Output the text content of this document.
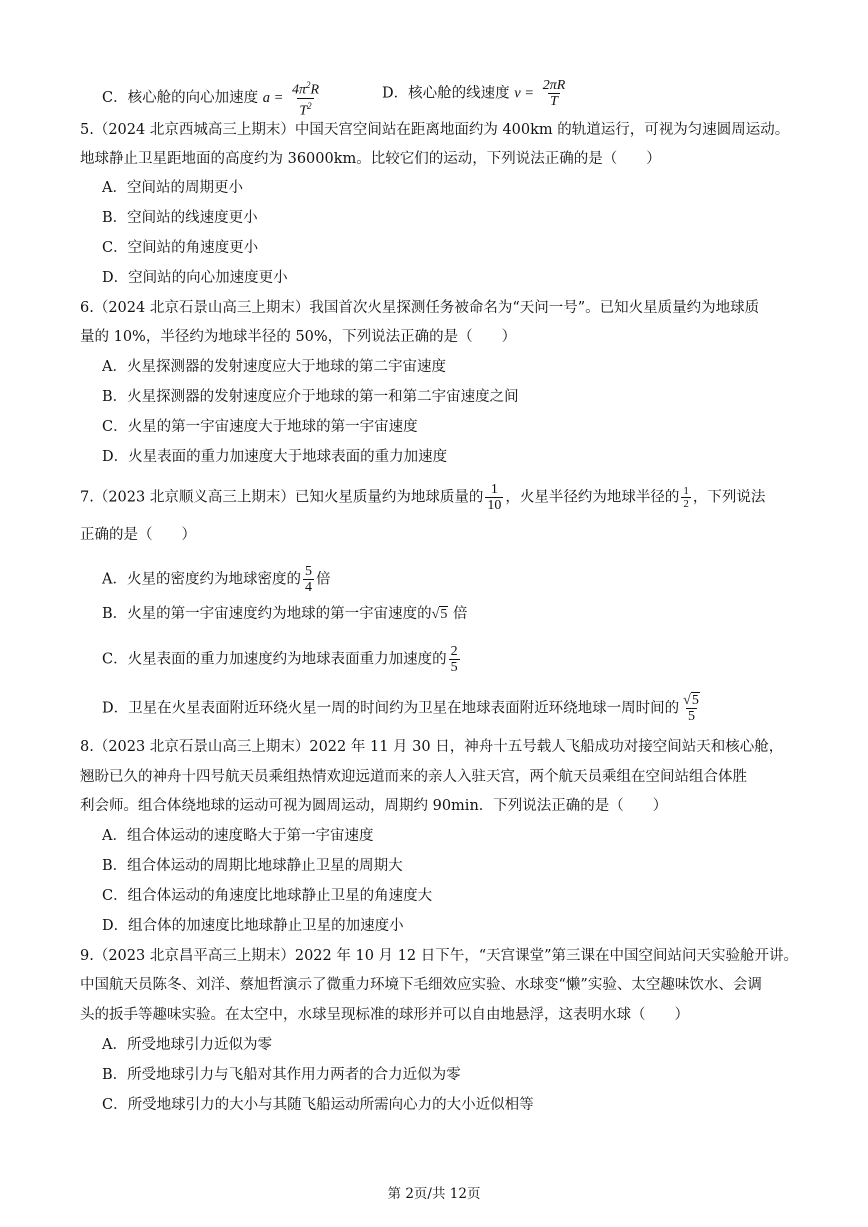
C．核心舱的向心加速度 $a = \frac{4\pi^2R}{T^2}$	D．核心舱的线速度 $v = \frac{2\pi R}{T}$
5.（2024 北京西城高三上期末）中国天宫空间站在距离地面约为 400km 的轨道运行，可视为匀速圆周运动。
地球静止卫星距地面的高度约为 36000km。比较它们的运动，下列说法正确的是（　　）
A．空间站的周期更小
B．空间站的线速度更小
C．空间站的角速度更小
D．空间站的向心加速度更小
6.（2024 北京石景山高三上期末）我国首次火星探测任务被命名为“天问一号”。已知火星质量约为地球质
量的 10%，半径约为地球半径的 50%，下列说法正确的是（　　）
A．火星探测器的发射速度应大于地球的第二宇宙速度
B．火星探测器的发射速度应介于地球的第一和第二宇宙速度之间
C．火星的第一宇宙速度大于地球的第一宇宙速度
D．火星表面的重力加速度大于地球表面的重力加速度
7.（2023 北京顺义高三上期末）已知火星质量约为地球质量的 $\frac{1}{10}$ ，火星半径约为地球半径的 $\frac{1}{2}$ ，下列说法
正确的是（　　）
A．火星的密度约为地球密度的 $\frac{5}{4}$ 倍
B．火星的第一宇宙速度约为地球的第一宇宙速度的√5 倍
C．火星表面的重力加速度约为地球表面重力加速度的 $\frac{2}{5}$
D．卫星在火星表面附近环绕火星一周的时间约为卫星在地球表面附近环绕地球一周时间的 $\frac{√5}{5}$
8.（2023 北京石景山高三上期末）2022 年 11 月 30 日，神舟十五号载人飞船成功对接空间站天和核心舱，
翘盼已久的神舟十四号航天员乘组热情欢迎远道而来的亲人入驻天宫，两个航天员乘组在空间站组合体胜
利会师。组合体绕地球的运动可视为圆周运动，周期约 90min．下列说法正确的是（　　）
A．组合体运动的速度略大于第一宇宙速度
B．组合体运动的周期比地球静止卫星的周期大
C．组合体运动的角速度比地球静止卫星的角速度大
D．组合体的加速度比地球静止卫星的加速度小
9.（2023 北京昌平高三上期末）2022 年 10 月 12 日下午，“天宫课堂”第三课在中国空间站问天实验舱开讲。
中国航天员陈冬、刘洋、蔡旭哲演示了微重力环境下毛细效应实验、水球变“懒”实验、太空趣味饮水、会调
头的扳手等趣味实验。在太空中，水球呈现标准的球形并可以自由地悬浮，这表明水球（　　）
A．所受地球引力近似为零
B．所受地球引力与飞船对其作用力两者的合力近似为零
C．所受地球引力的大小与其随飞船运动所需向心力的大小近似相等
第 2页/共 12页
